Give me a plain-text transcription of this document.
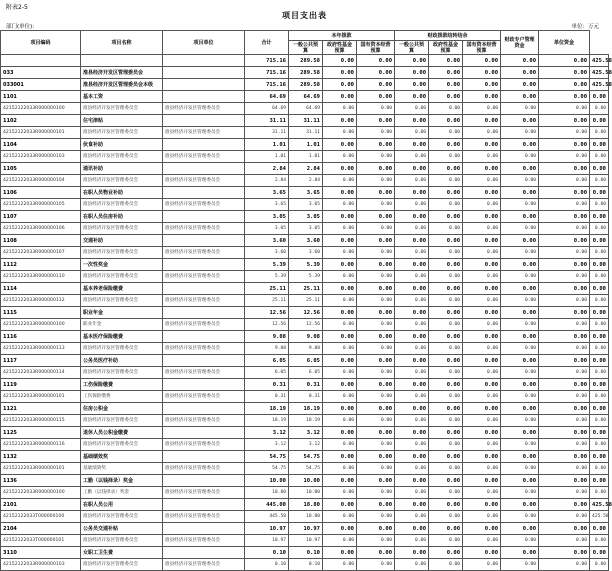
附表2-5
项目支出表
部门(单位):	单位：万元
项目编码	项目名称	项目单位	合计	本年拨款			财政拨款结转结余			财政专户管理资金	单位资金	
				一般公共预算	政府性基金预算	国有资本经营预算	一般公共预算	政府性基金预算	国有资本经营预算			
			715.16	289.58	0.00	0.00	0.00	0.00	0.00	0.00	0.00	425.58
033	淮县经济开发区管理委员会		715.16	289.58	0.00	0.00	0.00	0.00	0.00	0.00	0.00	425.58
033001	淮县经济开发区管理委员会本级		715.16	289.58	0.00	0.00	0.00	0.00	0.00	0.00	0.00	425.58
1101	基本工资		64.69	64.69	0.00	0.00	0.00	0.00	0.00	0.00	0.00	0.00
42152122033R000000100	淮县经济开发区管理委员会	淮县经济开发区管理委员会	64.69	64.69	0.00	0.00	0.00	0.00	0.00	0.00	0.00	0.00
1102	住宅津贴		31.11	31.11	0.00	0.00	0.00	0.00	0.00	0.00	0.00	0.00
42152122033R000000101	淮县经济开发区管理委员会	淮县经济开发区管理委员会	31.11	31.11	0.00	0.00	0.00	0.00	0.00	0.00	0.00	0.00
1104	伙食补助		1.01	1.01	0.00	0.00	0.00	0.00	0.00	0.00	0.00	0.00
42152122033R000000103	淮县经济开发区管理委员会	淮县经济开发区管理委员会	1.01	1.01	0.00	0.00	0.00	0.00	0.00	0.00	0.00	0.00
1105	通讯补助		2.84	2.84	0.00	0.00	0.00	0.00	0.00	0.00	0.00	0.00
42152122033R000000104	淮县经济开发区管理委员会	淮县经济开发区管理委员会	2.84	2.84	0.00	0.00	0.00	0.00	0.00	0.00	0.00	0.00
1106	在职人员物业补助		3.65	3.65	0.00	0.00	0.00	0.00	0.00	0.00	0.00	0.00
42152122033R000000105	淮县经济开发区管理委员会	淮县经济开发区管理委员会	3.65	3.65	0.00	0.00	0.00	0.00	0.00	0.00	0.00	0.00
1107	在职人员住房补助		3.05	3.05	0.00	0.00	0.00	0.00	0.00	0.00	0.00	0.00
42152122033R000000106	淮县经济开发区管理委员会	淮县经济开发区管理委员会	3.05	3.05	0.00	0.00	0.00	0.00	0.00	0.00	0.00	0.00
1108	交通补助		3.60	3.60	0.00	0.00	0.00	0.00	0.00	0.00	0.00	0.00
42152122033R000000107	淮县经济开发区管理委员会	淮县经济开发区管理委员会	3.60	3.60	0.00	0.00	0.00	0.00	0.00	0.00	0.00	0.00
1112	一次性奖金		5.39	5.39	0.00	0.00	0.00	0.00	0.00	0.00	0.00	0.00
42152122033R000000110	淮县经济开发区管理委员会	淮县经济开发区管理委员会	5.39	5.39	0.00	0.00	0.00	0.00	0.00	0.00	0.00	0.00
1114	基本养老保险缴费		25.11	25.11	0.00	0.00	0.00	0.00	0.00	0.00	0.00	0.00
42152122033R000000112	淮县经济开发区管理委员会	淮县经济开发区管理委员会	25.11	25.11	0.00	0.00	0.00	0.00	0.00	0.00	0.00	0.00
1115	职业年金		12.56	12.56	0.00	0.00	0.00	0.00	0.00	0.00	0.00	0.00
42152122033R000000100	职业年金	淮县经济开发区管理委员会	12.56	12.56	0.00	0.00	0.00	0.00	0.00	0.00	0.00	0.00
1116	基本医疗保险缴费		9.08	9.08	0.00	0.00	0.00	0.00	0.00	0.00	0.00	0.00
42152122033R000000113	淮县经济开发区管理委员会	淮县经济开发区管理委员会	9.08	9.08	0.00	0.00	0.00	0.00	0.00	0.00	0.00	0.00
1117	公务员医疗补助		6.05	6.05	0.00	0.00	0.00	0.00	0.00	0.00	0.00	0.00
42152122033R000000114	淮县经济开发区管理委员会	淮县经济开发区管理委员会	6.05	6.05	0.00	0.00	0.00	0.00	0.00	0.00	0.00	0.00
1119	工伤保险缴费		0.31	0.31	0.00	0.00	0.00	0.00	0.00	0.00	0.00	0.00
42152122033R000000101	工伤保险缴费	淮县经济开发区管理委员会	0.31	0.31	0.00	0.00	0.00	0.00	0.00	0.00	0.00	0.00
1121	住房公积金		18.19	18.19	0.00	0.00	0.00	0.00	0.00	0.00	0.00	0.00
42152122033R000000115	淮县经济开发区管理委员会	淮县经济开发区管理委员会	18.19	18.19	0.00	0.00	0.00	0.00	0.00	0.00	0.00	0.00
1125	退休人员公积金缴费		3.12	3.12	0.00	0.00	0.00	0.00	0.00	0.00	0.00	0.00
42152122033R000000116	淮县经济开发区管理委员会	淮县经济开发区管理委员会	3.12	3.12	0.00	0.00	0.00	0.00	0.00	0.00	0.00	0.00
1132	基础绩效奖		54.75	54.75	0.00	0.00	0.00	0.00	0.00	0.00	0.00	0.00
42152122033R000000101	基础绩效奖	淮县经济开发区管理委员会	54.75	54.75	0.00	0.00	0.00	0.00	0.00	0.00	0.00	0.00
1136	工勤（以钱择录）奖金		10.00	10.00	0.00	0.00	0.00	0.00	0.00	0.00	0.00	0.00
42152122033R000000100	工勤（以钱择录）奖金	淮县经济开发区管理委员会	10.00	10.00	0.00	0.00	0.00	0.00	0.00	0.00	0.00	0.00
2101	在职人员公用		445.00	18.80	0.00	0.00	0.00	0.00	0.00	0.00	0.00	425.58
42152122033T000000100	淮县经济开发区管理委员会	淮县经济开发区管理委员会	445.58	18.80	0.00	0.00	0.00	0.00	0.00	0.00	0.00	425.58
2104	公务员交通补贴		10.97	10.97	0.00	0.00	0.00	0.00	0.00	0.00	0.00	0.00
42152122033T000000101	淮县经济开发区管理委员会	淮县经济开发区管理委员会	10.97	10.97	0.00	0.00	0.00	0.00	0.00	0.00	0.00	0.00
3110	女职工卫生费		0.10	0.10	0.00	0.00	0.00	0.00	0.00	0.00	0.00	0.00
42152122033R000000103	淮县经济开发区管理委员会	淮县经济开发区管理委员会	0.10	0.10	0.00	0.00	0.00	0.00	0.00	0.00	0.00	0.00
